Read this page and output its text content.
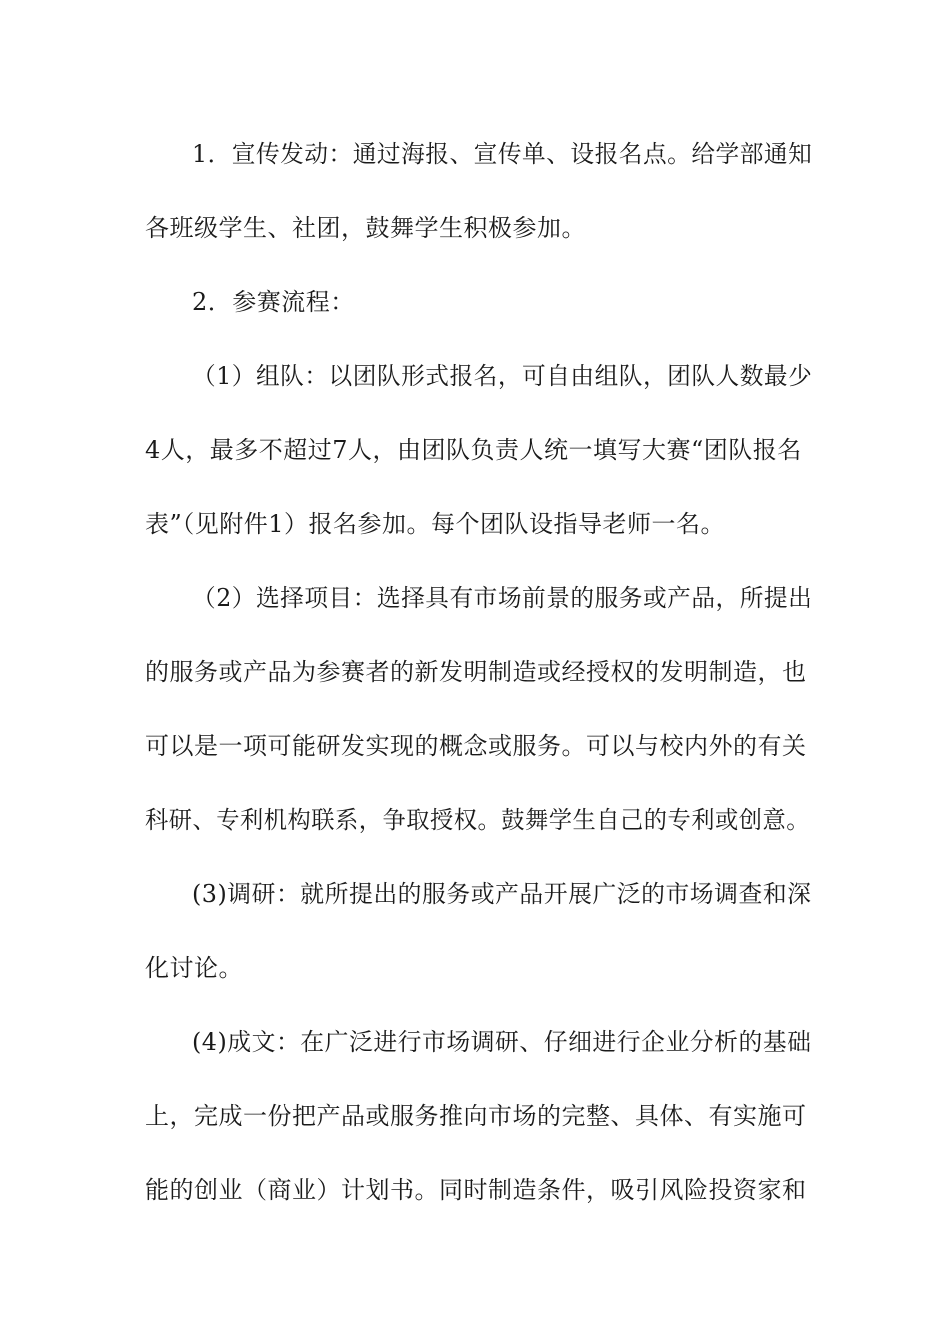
1．宣传发动：通过海报、宣传单、设报名点。给学部通知
各班级学生、社团，鼓舞学生积极参加。
2．参赛流程：
（1）组队：以团队形式报名，可自由组队，团队人数最少
4人，最多不超过7人，由团队负责人统一填写大赛“团队报名
表”（见附件1）报名参加。每个团队设指导老师一名。
（2）选择项目：选择具有市场前景的服务或产品，所提出
的服务或产品为参赛者的新发明制造或经授权的发明制造，也
可以是一项可能研发实现的概念或服务。可以与校内外的有关
科研、专利机构联系，争取授权。鼓舞学生自己的专利或创意。
(3)调研：就所提出的服务或产品开展广泛的市场调查和深
化讨论。
(4)成文：在广泛进行市场调研、仔细进行企业分析的基础
上，完成一份把产品或服务推向市场的完整、具体、有实施可
能的创业（商业）计划书。同时制造条件，吸引风险投资家和
